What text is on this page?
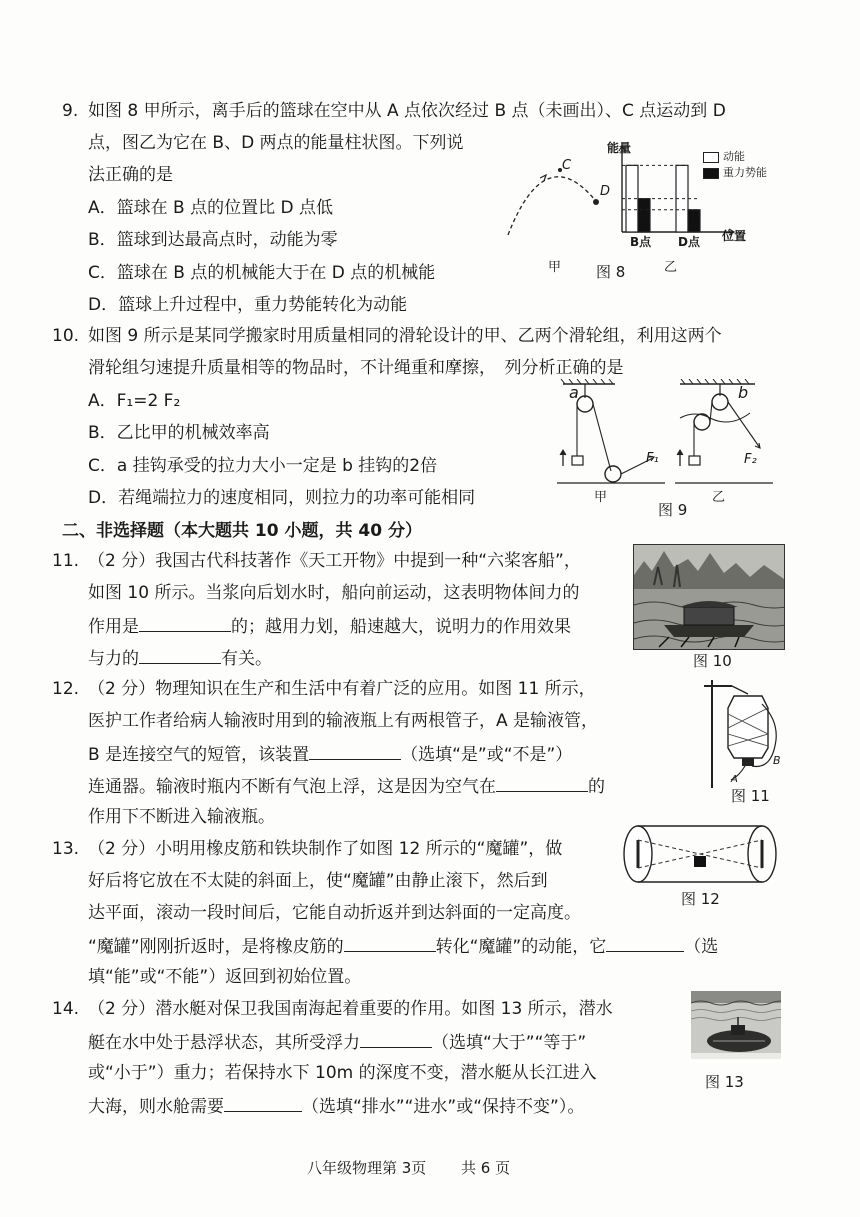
9. 如图 8 甲所示，离手后的篮球在空中从 A 点依次经过 B 点（未画出）、C 点运动到 D
点，图乙为它在 B、D 两点的能量柱状图。下列说
法正确的是
A．篮球在 B 点的位置比 D 点低
B．篮球到达最高点时，动能为零
C．篮球在 B 点的机械能大于在 D 点的机械能
D．篮球上升过程中，重力势能转化为动能
C
D
甲
能量
位置
B点 D点
动能
重力势能
图 8	乙
10. 如图 9 所示是某同学搬家时用质量相同的滑轮设计的甲、乙两个滑轮组，利用这两个
滑轮组匀速提升质量相等的物品时，不计绳重和摩擦，　列分析正确的是
A．F₁=2 F₂
B．乙比甲的机械效率高
C．a 挂钩承受的拉力大小一定是 b 挂钩的2倍
D．若绳端拉力的速度相同，则拉力的功率可能相同
a	b
F₁	F₂
甲	乙
图 9
二、非选择题（本大题共 10 小题，共 40 分）
11. （2 分）我国古代科技著作《天工开物》中提到一种“六桨客船”，
如图 10 所示。当浆向后划水时，船向前运动，这表明物体间力的
作用是	的；越用力划，船速越大，说明力的作用效果
与力的	有关。	图 10
12. （2 分）物理知识在生产和生活中有着广泛的应用。如图 11 所示，
医护工作者给病人输液时用到的输液瓶上有两根管子，A 是输液管，
B 是连接空气的短管，该装置	（选填“是”或“不是”）
连通器。输液时瓶内不断有气泡上浮，这是因为空气在	的
作用下不断进入输液瓶。
A
B
图 11
13. （2 分）小明用橡皮筋和铁块制作了如图 12 所示的“魔罐”，做
好后将它放在不太陡的斜面上，使“魔罐”由静止滚下，然后到
达平面，滚动一段时间后，它能自动折返并到达斜面的一定高度。
“魔罐”刚刚折返时，是将橡皮筋的	转化“魔罐”的动能，它	（选
填“能”或“不能”）返回到初始位置。
图 12
14. （2 分）潜水艇对保卫我国南海起着重要的作用。如图 13 所示，潜水
艇在水中处于悬浮状态，其所受浮力	（选填“大于”“等于”
或“小于”）重力；若保持水下 10m 的深度不变，潜水艇从长江进入
大海，则水舱需要	（选填“排水”“进水”或“保持不变”）。
图 13
八年级物理第 3页 共 6 页
